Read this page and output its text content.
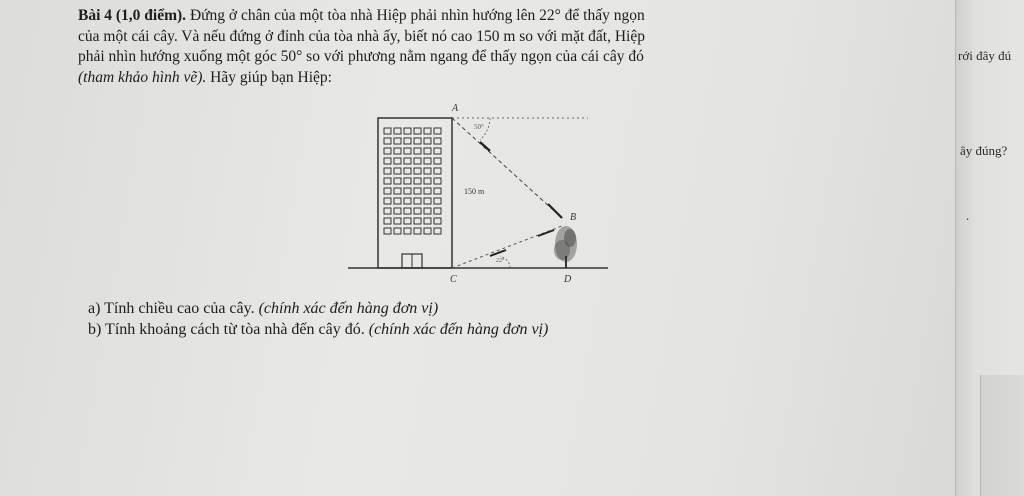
rới đây đú
ây đúng?
.

Bài 4 (1,0 điểm). Đứng ở chân của một tòa nhà Hiệp phải nhìn hướng lên 22° để thấy ngọn

của một cái cây. Và nếu đứng ở đỉnh của tòa nhà ấy, biết nó cao 150 m so với mặt đất, Hiệp

phải nhìn hướng xuống một góc 50° so với phương nằm ngang để thấy ngọn của cái cây đó

(tham khảo hình vẽ). Hãy giúp bạn Hiệp:

A
50°
150 m
B
22°
C	D

a) Tính chiều cao của cây. (chính xác đến hàng đơn vị)

b) Tính khoảng cách từ tòa nhà đến cây đó. (chính xác đến hàng đơn vị)
